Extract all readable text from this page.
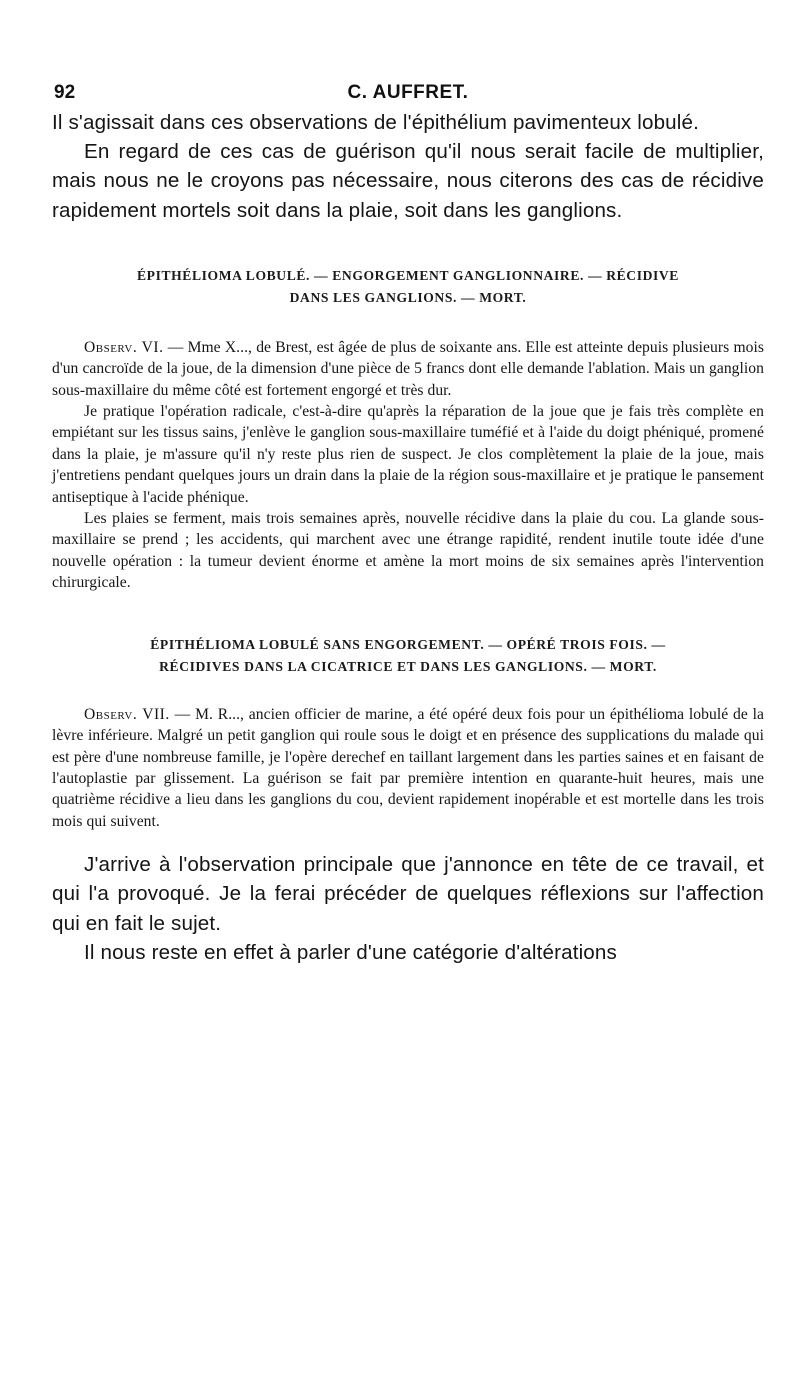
92	C. AUFFRET.

Il s'agissait dans ces observations de l'épithélium pavimenteux lobulé.

En regard de ces cas de guérison qu'il nous serait facile de multiplier, mais nous ne le croyons pas nécessaire, nous citerons des cas de récidive rapidement mortels soit dans la plaie, soit dans les ganglions.

ÉPITHÉLIOMA LOBULÉ. — ENGORGEMENT GANGLIONNAIRE. — RÉCIDIVE

DANS LES GANGLIONS. — MORT.

Observ. VI. — Mme X..., de Brest, est âgée de plus de soixante ans. Elle est atteinte depuis plusieurs mois d'un cancroïde de la joue, de la dimension d'une pièce de 5 francs dont elle demande l'ablation. Mais un ganglion sous-maxillaire du même côté est fortement engorgé et très dur.

Je pratique l'opération radicale, c'est-à-dire qu'après la réparation de la joue que je fais très complète en empiétant sur les tissus sains, j'enlève le ganglion sous-maxillaire tuméfié et à l'aide du doigt phéniqué, promené dans la plaie, je m'assure qu'il n'y reste plus rien de suspect. Je clos complètement la plaie de la joue, mais j'entretiens pendant quelques jours un drain dans la plaie de la région sous-maxillaire et je pratique le pansement antiseptique à l'acide phénique.

Les plaies se ferment, mais trois semaines après, nouvelle récidive dans la plaie du cou. La glande sous-maxillaire se prend ; les accidents, qui marchent avec une étrange rapidité, rendent inutile toute idée d'une nouvelle opération : la tumeur devient énorme et amène la mort moins de six semaines après l'intervention chirurgicale.

ÉPITHÉLIOMA LOBULÉ SANS ENGORGEMENT. — OPÉRÉ TROIS FOIS. —

RÉCIDIVES DANS LA CICATRICE ET DANS LES GANGLIONS. — MORT.

Observ. VII. — M. R..., ancien officier de marine, a été opéré deux fois pour un épithélioma lobulé de la lèvre inférieure. Malgré un petit ganglion qui roule sous le doigt et en présence des supplications du malade qui est père d'une nombreuse famille, je l'opère derechef en taillant largement dans les parties saines et en faisant de l'autoplastie par glissement. La guérison se fait par première intention en quarante-huit heures, mais une quatrième récidive a lieu dans les ganglions du cou, devient rapidement inopérable et est mortelle dans les trois mois qui suivent.

J'arrive à l'observation principale que j'annonce en tête de ce travail, et qui l'a provoqué. Je la ferai précéder de quelques réflexions sur l'affection qui en fait le sujet.

Il nous reste en effet à parler d'une catégorie d'altérations
